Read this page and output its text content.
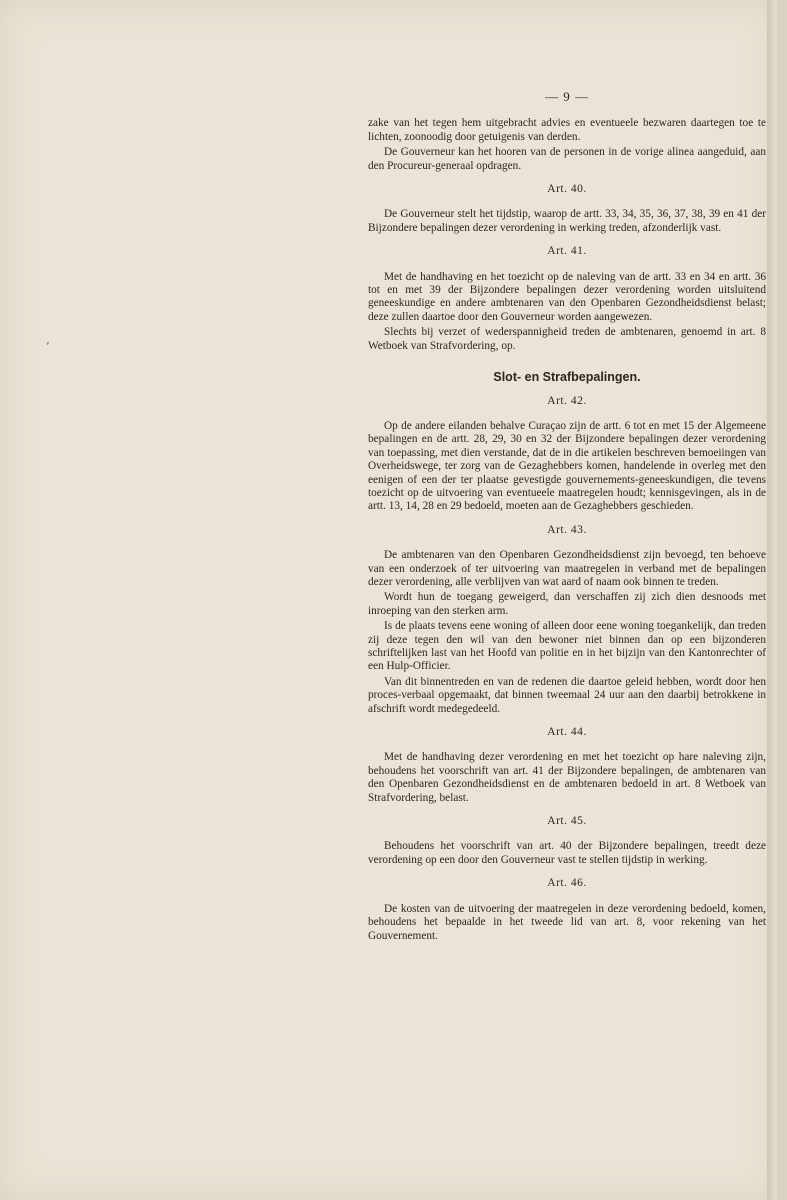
’
— 9 —

zake van het tegen hem uitgebracht advies en eventueele bezwaren daartegen toe te lichten, zoonoodig door getuigenis van derden.

De Gouverneur kan het hooren van de personen in de vorige alinea aangeduid, aan den Procureur-generaal opdragen.

Art. 40.

De Gouverneur stelt het tijdstip, waarop de artt. 33, 34, 35, 36, 37, 38, 39 en 41 der Bijzondere bepalingen dezer verordening in werking treden, afzonderlijk vast.

Art. 41.

Met de handhaving en het toezicht op de naleving van de artt. 33 en 34 en artt. 36 tot en met 39 der Bijzondere bepalingen dezer verordening worden uitsluitend geneeskundige en andere ambtenaren van den Openbaren Gezondheidsdienst belast; deze zullen daartoe door den Gouverneur worden aangewezen.

Slechts bij verzet of wederspannigheid treden de ambtenaren, genoemd in art. 8 Wetboek van Strafvordering, op.

Slot- en Strafbepalingen.
Art. 42.

Op de andere eilanden behalve Curaçao zijn de artt. 6 tot en met 15 der Algemeene bepalingen en de artt. 28, 29, 30 en 32 der Bijzondere bepalingen dezer verordening van toepassing, met dien verstande, dat de in die artikelen beschreven bemoeiingen van Overheidswege, ter zorg van de Gezaghebbers komen, handelende in overleg met den eenigen of een der ter plaatse gevestigde gouvernements-geneeskundigen, die tevens toezicht op de uitvoering van eventueele maatregelen houdt; kennisgevingen, als in de artt. 13, 14, 28 en 29 bedoeld, moeten aan de Gezaghebbers geschieden.

Art. 43.

De ambtenaren van den Openbaren Gezondheidsdienst zijn bevoegd, ten behoeve van een onderzoek of ter uitvoering van maatregelen in verband met de bepalingen dezer verordening, alle verblijven van wat aard of naam ook binnen te treden.

Wordt hun de toegang geweigerd, dan verschaffen zij zich dien desnoods met inroeping van den sterken arm.

Is de plaats tevens eene woning of alleen door eene woning toegankelijk, dan treden zij deze tegen den wil van den bewoner niet binnen dan op een bijzonderen schriftelijken last van het Hoofd van politie en in het bijzijn van den Kantonrechter of een Hulp-Officier.

Van dit binnentreden en van de redenen die daartoe geleid hebben, wordt door hen proces-verbaal opgemaakt, dat binnen tweemaal 24 uur aan den daarbij betrokkene in afschrift wordt medegedeeld.

Art. 44.

Met de handhaving dezer verordening en met het toezicht op hare naleving zijn, behoudens het voorschrift van art. 41 der Bijzondere bepalingen, de ambtenaren van den Openbaren Gezondheidsdienst en de ambtenaren bedoeld in art. 8 Wetboek van Strafvordering, belast.

Art. 45.

Behoudens het voorschrift van art. 40 der Bijzondere bepalingen, treedt deze verordening op een door den Gouverneur vast te stellen tijdstip in werking.

Art. 46.

De kosten van de uitvoering der maatregelen in deze verordening bedoeld, komen, behoudens het bepaalde in het tweede lid van art. 8, voor rekening van het Gouvernement.
